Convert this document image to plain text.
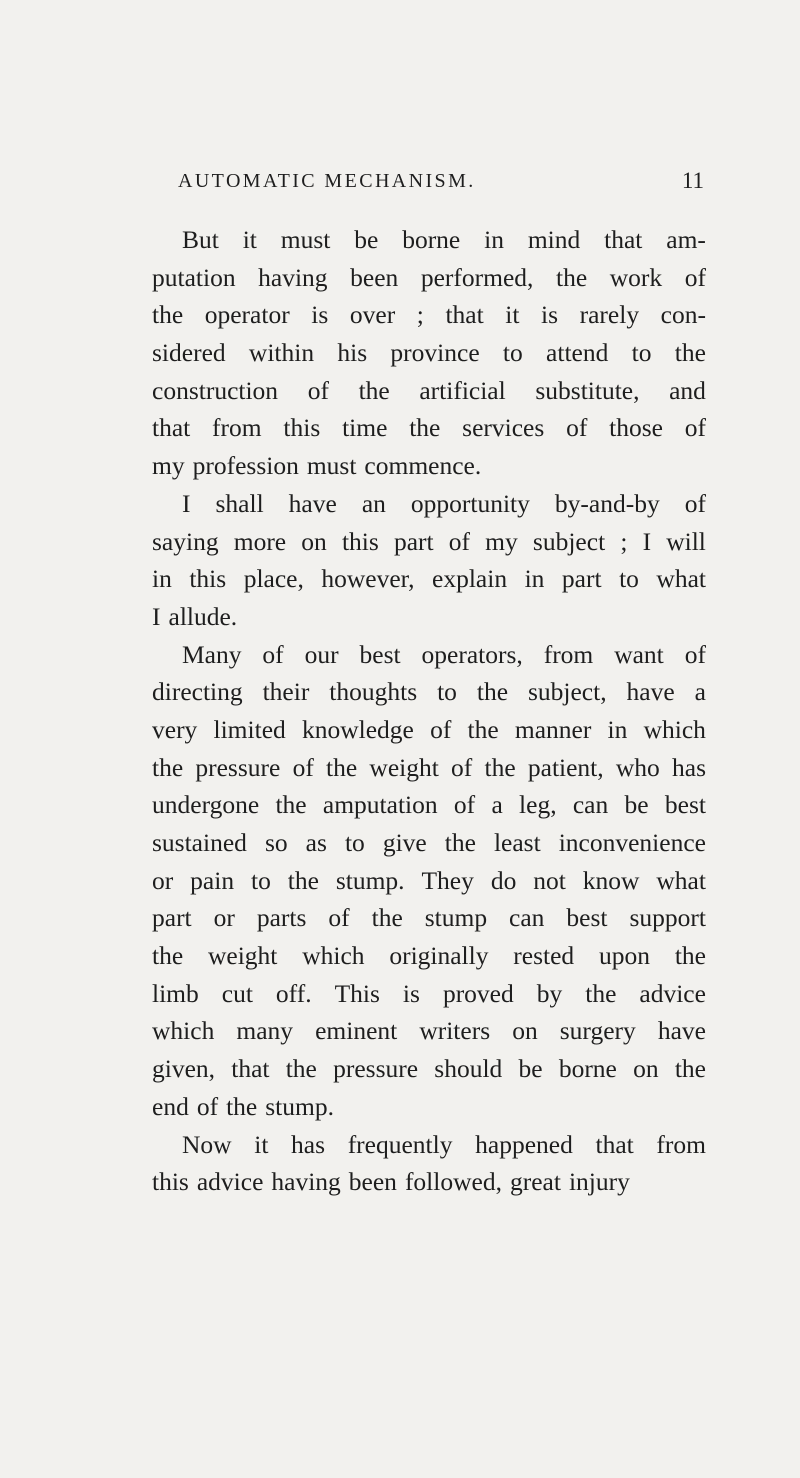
AUTOMATIC MECHANISM.	11
But it must be borne in mind that am-
putation having been performed, the work of
the operator is over ; that it is rarely con-
sidered within his province to attend to the
construction of the artificial substitute, and
that from this time the services of those of
my profession must commence.
I shall have an opportunity by-and-by of
saying more on this part of my subject ; I will
in this place, however, explain in part to what
I allude.
Many of our best operators, from want of
directing their thoughts to the subject, have a
very limited knowledge of the manner in which
the pressure of the weight of the patient, who has
undergone the amputation of a leg, can be best
sustained so as to give the least inconvenience
or pain to the stump. They do not know what
part or parts of the stump can best support
the weight which originally rested upon the
limb cut off. This is proved by the advice
which many eminent writers on surgery have
given, that the pressure should be borne on the
end of the stump.
Now it has frequently happened that from
this advice having been followed, great injury
